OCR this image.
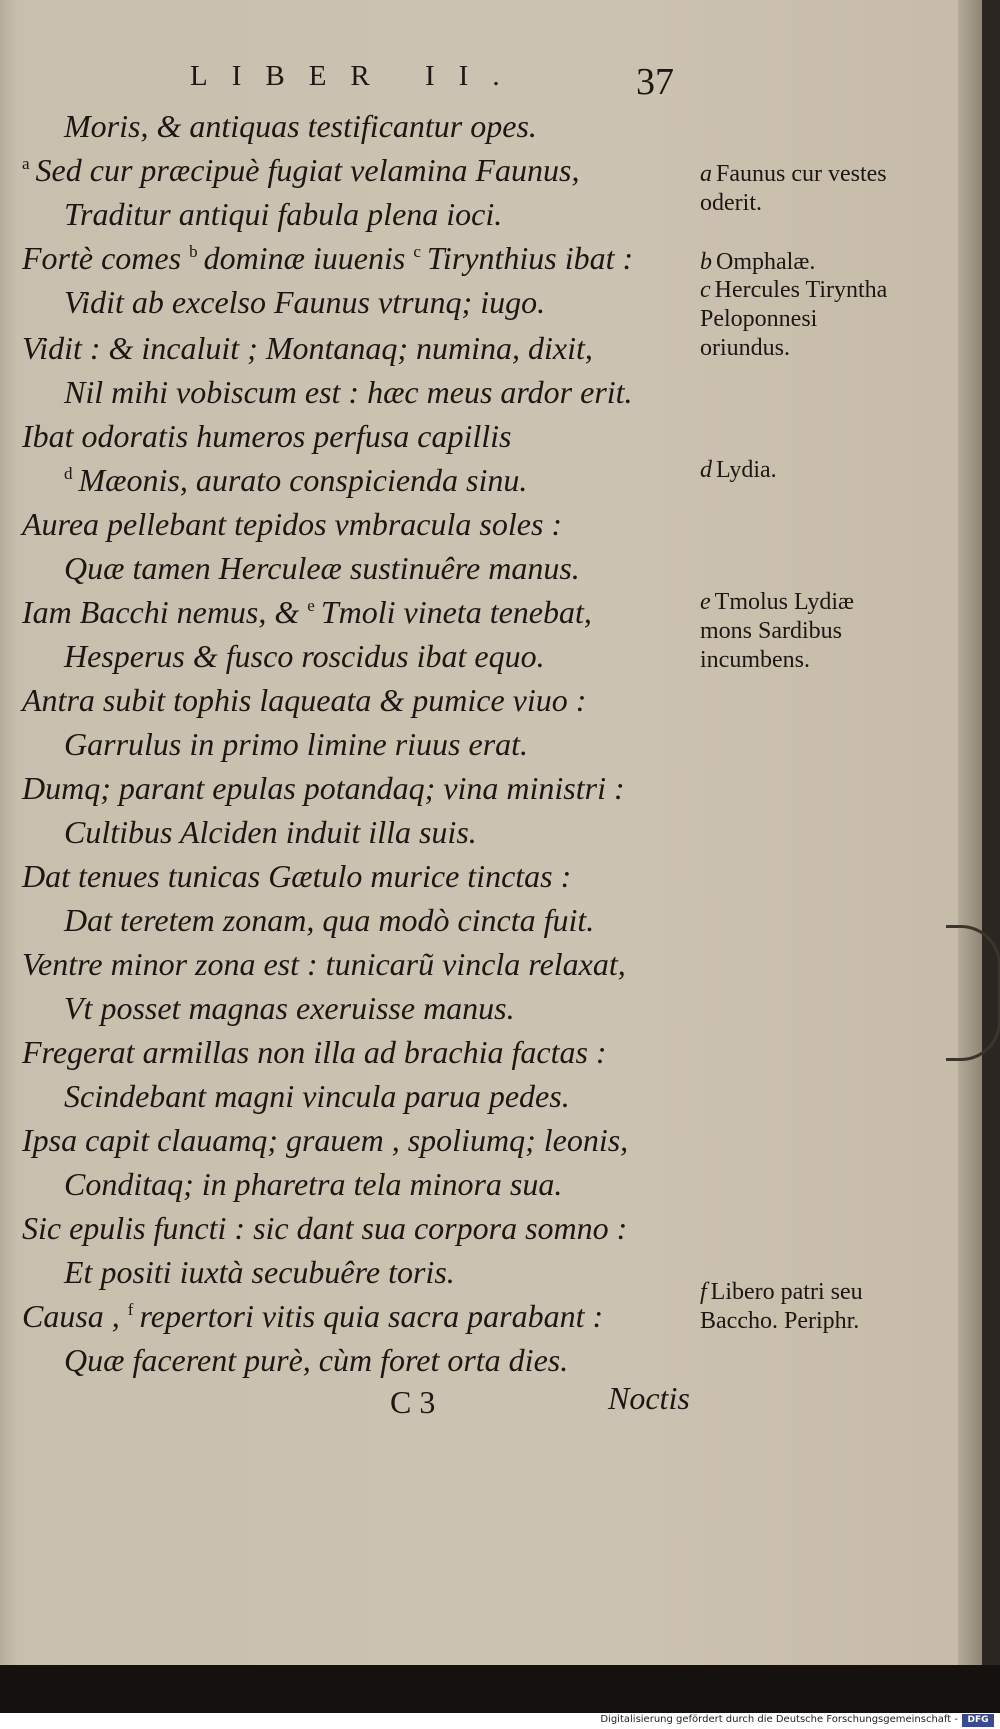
LIBER II.	37
Moris, & antiquas testificantur opes.
$^a$ Sed cur præcipuè fugiat velamina Faunus,
Traditur antiqui fabula plena ioci.
Fortè comes $^b$ dominæ iuuenis $^c$ Tirynthius ibat :
Vidit ab excelso Faunus vtrunq; iugo.
Vidit : & incaluit ; Montanaq; numina, dixit,
Nil mihi vobiscum est : hæc meus ardor erit.
Ibat odoratis humeros perfusa capillis
$^d$ Mæonis, aurato conspicienda sinu.
Aurea pellebant tepidos vmbracula soles :
Quæ tamen Herculeæ sustinuêre manus.
Iam Bacchi nemus, & $^e$ Tmoli vineta tenebat,
Hesperus & fusco roscidus ibat equo.
Antra subit tophis laqueata & pumice viuo :
Garrulus in primo limine riuus erat.
Dumq; parant epulas potandaq; vina ministri :
Cultibus Alciden induit illa suis.
Dat tenues tunicas Gætulo murice tinctas :
Dat teretem zonam, qua modò cincta fuit.
Ventre minor zona est : tunicarũ vincla relaxat,
Vt posset magnas exeruisse manus.
Fregerat armillas non illa ad brachia factas :
Scindebant magni vincula parua pedes.
Ipsa capit clauamq; grauem , spoliumq; leonis,
Conditaq; in pharetra tela minora sua.
Sic epulis functi : sic dant sua corpora somno :
Et positi iuxtà secubuêre toris.
Causa , $^f$ repertori vitis quia sacra parabant :
Quæ facerent purè, cùm foret orta dies.
a Faunus cur vestes oderit.
b Omphalæ.
c Hercules Tiryntha Peloponnesi oriundus.
d Lydia.
e Tmolus Lydiæ mons Sardibus incumbens.
f Libero patri seu Baccho. Periphr.
C 3	Noctis
Digitalisierung gefördert durch die Deutsche Forschungsgemeinschaft -	DFG
